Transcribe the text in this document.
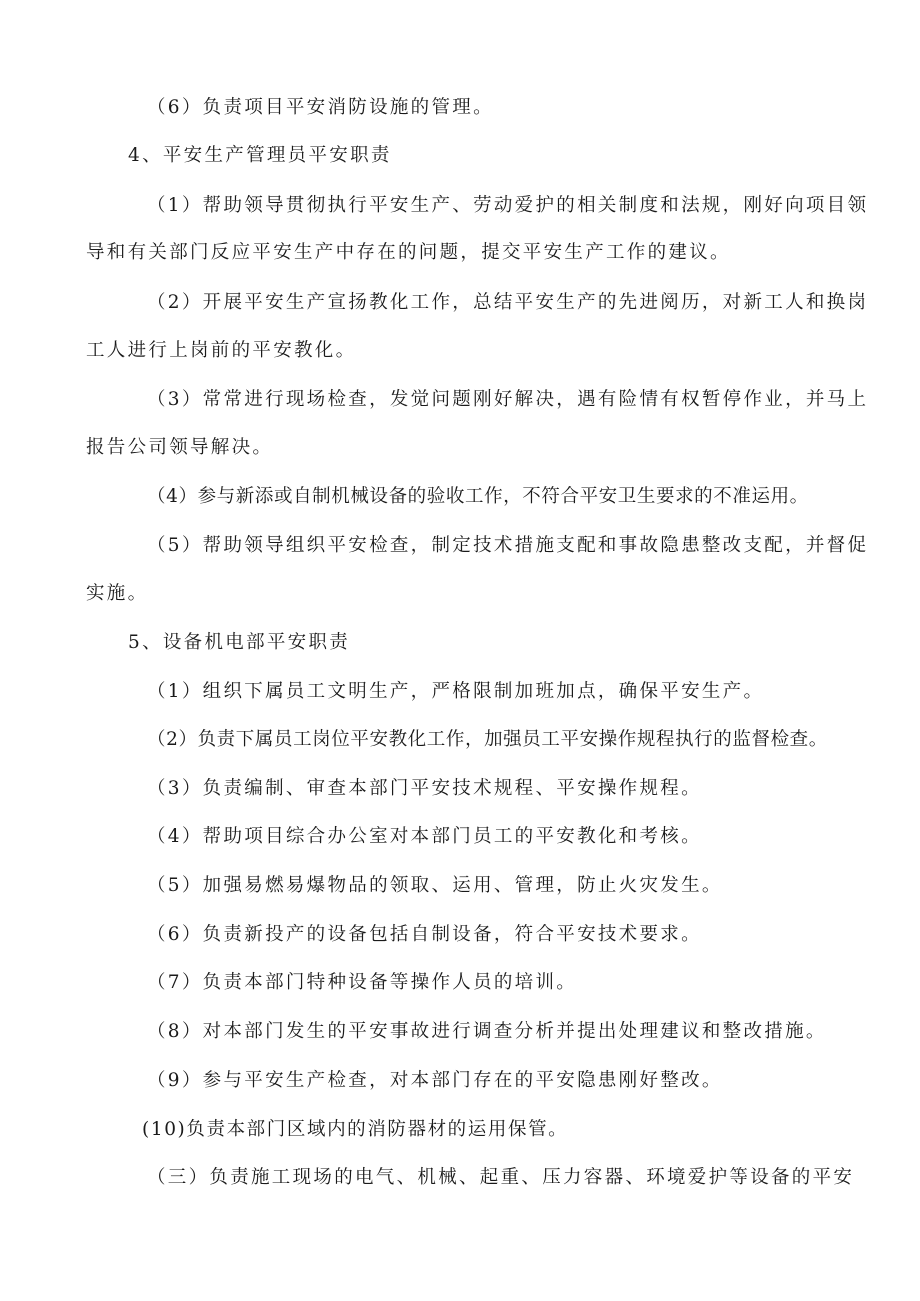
（6）负责项目平安消防设施的管理。
4、平安生产管理员平安职责
（1）帮助领导贯彻执行平安生产、劳动爱护的相关制度和法规，刚好向项目领
导和有关部门反应平安生产中存在的问题，提交平安生产工作的建议。
（2）开展平安生产宣扬教化工作，总结平安生产的先进阅历，对新工人和换岗
工人进行上岗前的平安教化。
（3）常常进行现场检查，发觉问题刚好解决，遇有险情有权暂停作业，并马上
报告公司领导解决。
（4）参与新添或自制机械设备的验收工作，不符合平安卫生要求的不准运用。
（5）帮助领导组织平安检查，制定技术措施支配和事故隐患整改支配，并督促
实施。
5、设备机电部平安职责
（1）组织下属员工文明生产，严格限制加班加点，确保平安生产。
（2）负责下属员工岗位平安教化工作，加强员工平安操作规程执行的监督检查。
（3）负责编制、审查本部门平安技术规程、平安操作规程。
（4）帮助项目综合办公室对本部门员工的平安教化和考核。
（5）加强易燃易爆物品的领取、运用、管理，防止火灾发生。
（6）负责新投产的设备包括自制设备，符合平安技术要求。
（7）负责本部门特种设备等操作人员的培训。
（8）对本部门发生的平安事故进行调查分析并提出处理建议和整改措施。
（9）参与平安生产检查，对本部门存在的平安隐患刚好整改。
(10)负责本部门区域内的消防器材的运用保管。
（三）负责施工现场的电气、机械、起重、压力容器、环境爱护等设备的平安
